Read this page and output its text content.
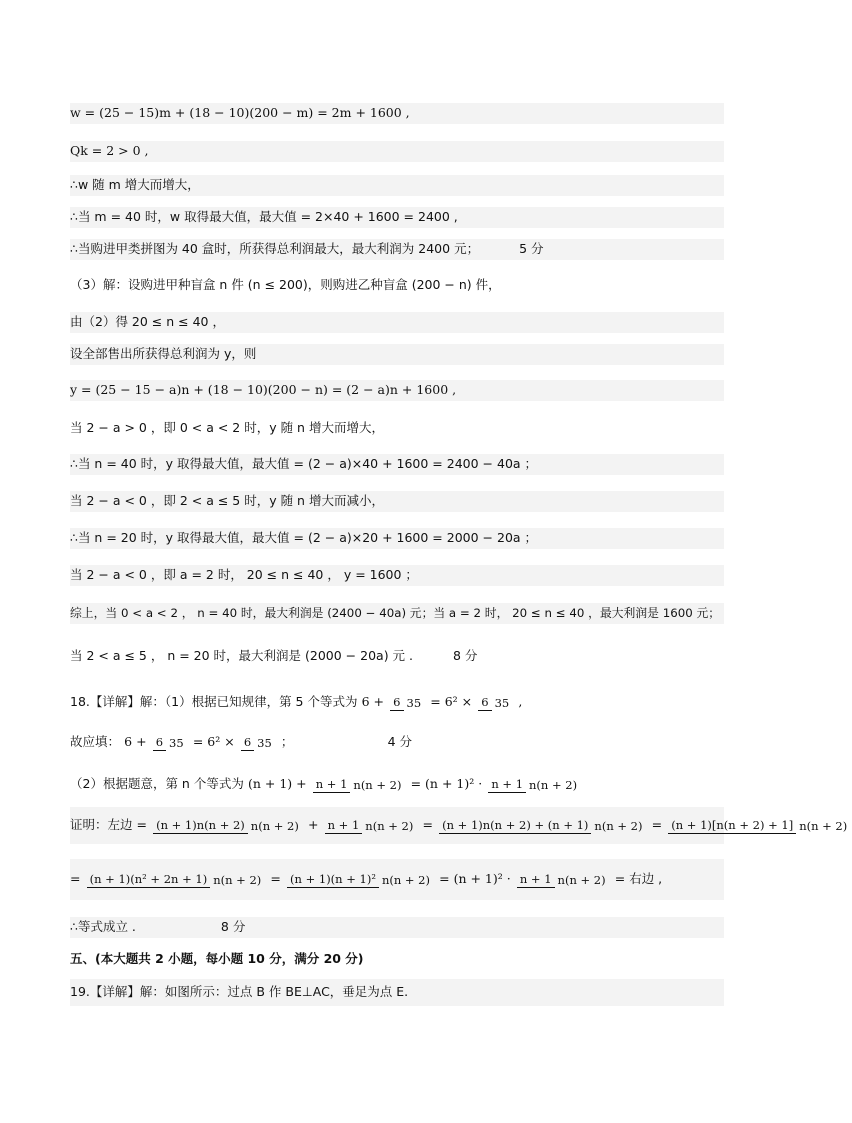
w = (25 − 15)m + (18 − 10)(200 − m) = 2m + 1600 ,
Qk = 2 > 0 ,
∴w 随 m 增大而增大，
∴当 m = 40 时，w 取得最大值，最大值 = 2×40 + 1600 = 2400 ,
∴当购进甲类拼图为 40 盒时，所获得总利润最大，最大利润为 2400 元；	5 分
（3）解：设购进甲种盲盒 n 件 (n ≤ 200)，则购进乙种盲盒 (200 − n) 件，
由（2）得 20 ≤ n ≤ 40 ，
设全部售出所获得总利润为 y，则
y = (25 − 15 − a)n + (18 − 10)(200 − n) = (2 − a)n + 1600 ,
当 2 − a > 0 ，即 0 < a < 2 时，y 随 n 增大而增大，
∴当 n = 40 时，y 取得最大值，最大值 = (2 − a)×40 + 1600 = 2400 − 40a ；
当 2 − a < 0 ，即 2 < a ≤ 5 时，y 随 n 增大而减小，
∴当 n = 20 时，y 取得最大值，最大值 = (2 − a)×20 + 1600 = 2000 − 20a ；
当 2 − a < 0 ，即 a = 2 时， 20 ≤ n ≤ 40 ， y = 1600 ；
综上，当 0 < a < 2 ， n = 40 时，最大利润是 (2400 − 40a) 元；当 a = 2 时， 20 ≤ n ≤ 40 ，最大利润是 1600 元；
当 2 < a ≤ 5 ， n = 20 时，最大利润是 (2000 − 20a) 元 .	8 分
18.【详解】解：（1）根据已知规律，第 5 个等式为 6 + 6 35 = 6² × 6 35 ,
故应填： 6 + 6 35 = 6² × 6 35 ；	4 分
（2）根据题意，第 n 个等式为 (n + 1) + n + 1 n(n + 2) = (n + 1)² · n + 1 n(n + 2)
证明：左边 = (n + 1)n(n + 2) n(n + 2) + n + 1 n(n + 2) = (n + 1)n(n + 2) + (n + 1) n(n + 2) = (n + 1)[n(n + 2) + 1] n(n + 2)
= (n + 1)(n² + 2n + 1) n(n + 2) = (n + 1)(n + 1)² n(n + 2) = (n + 1)² · n + 1 n(n + 2) = 右边 ,
∴等式成立 .	8 分
五、(本大题共 2 小题，每小题 10 分，满分 20 分)
19.【详解】解：如图所示：过点 B 作 BE⊥AC，垂足为点 E.
